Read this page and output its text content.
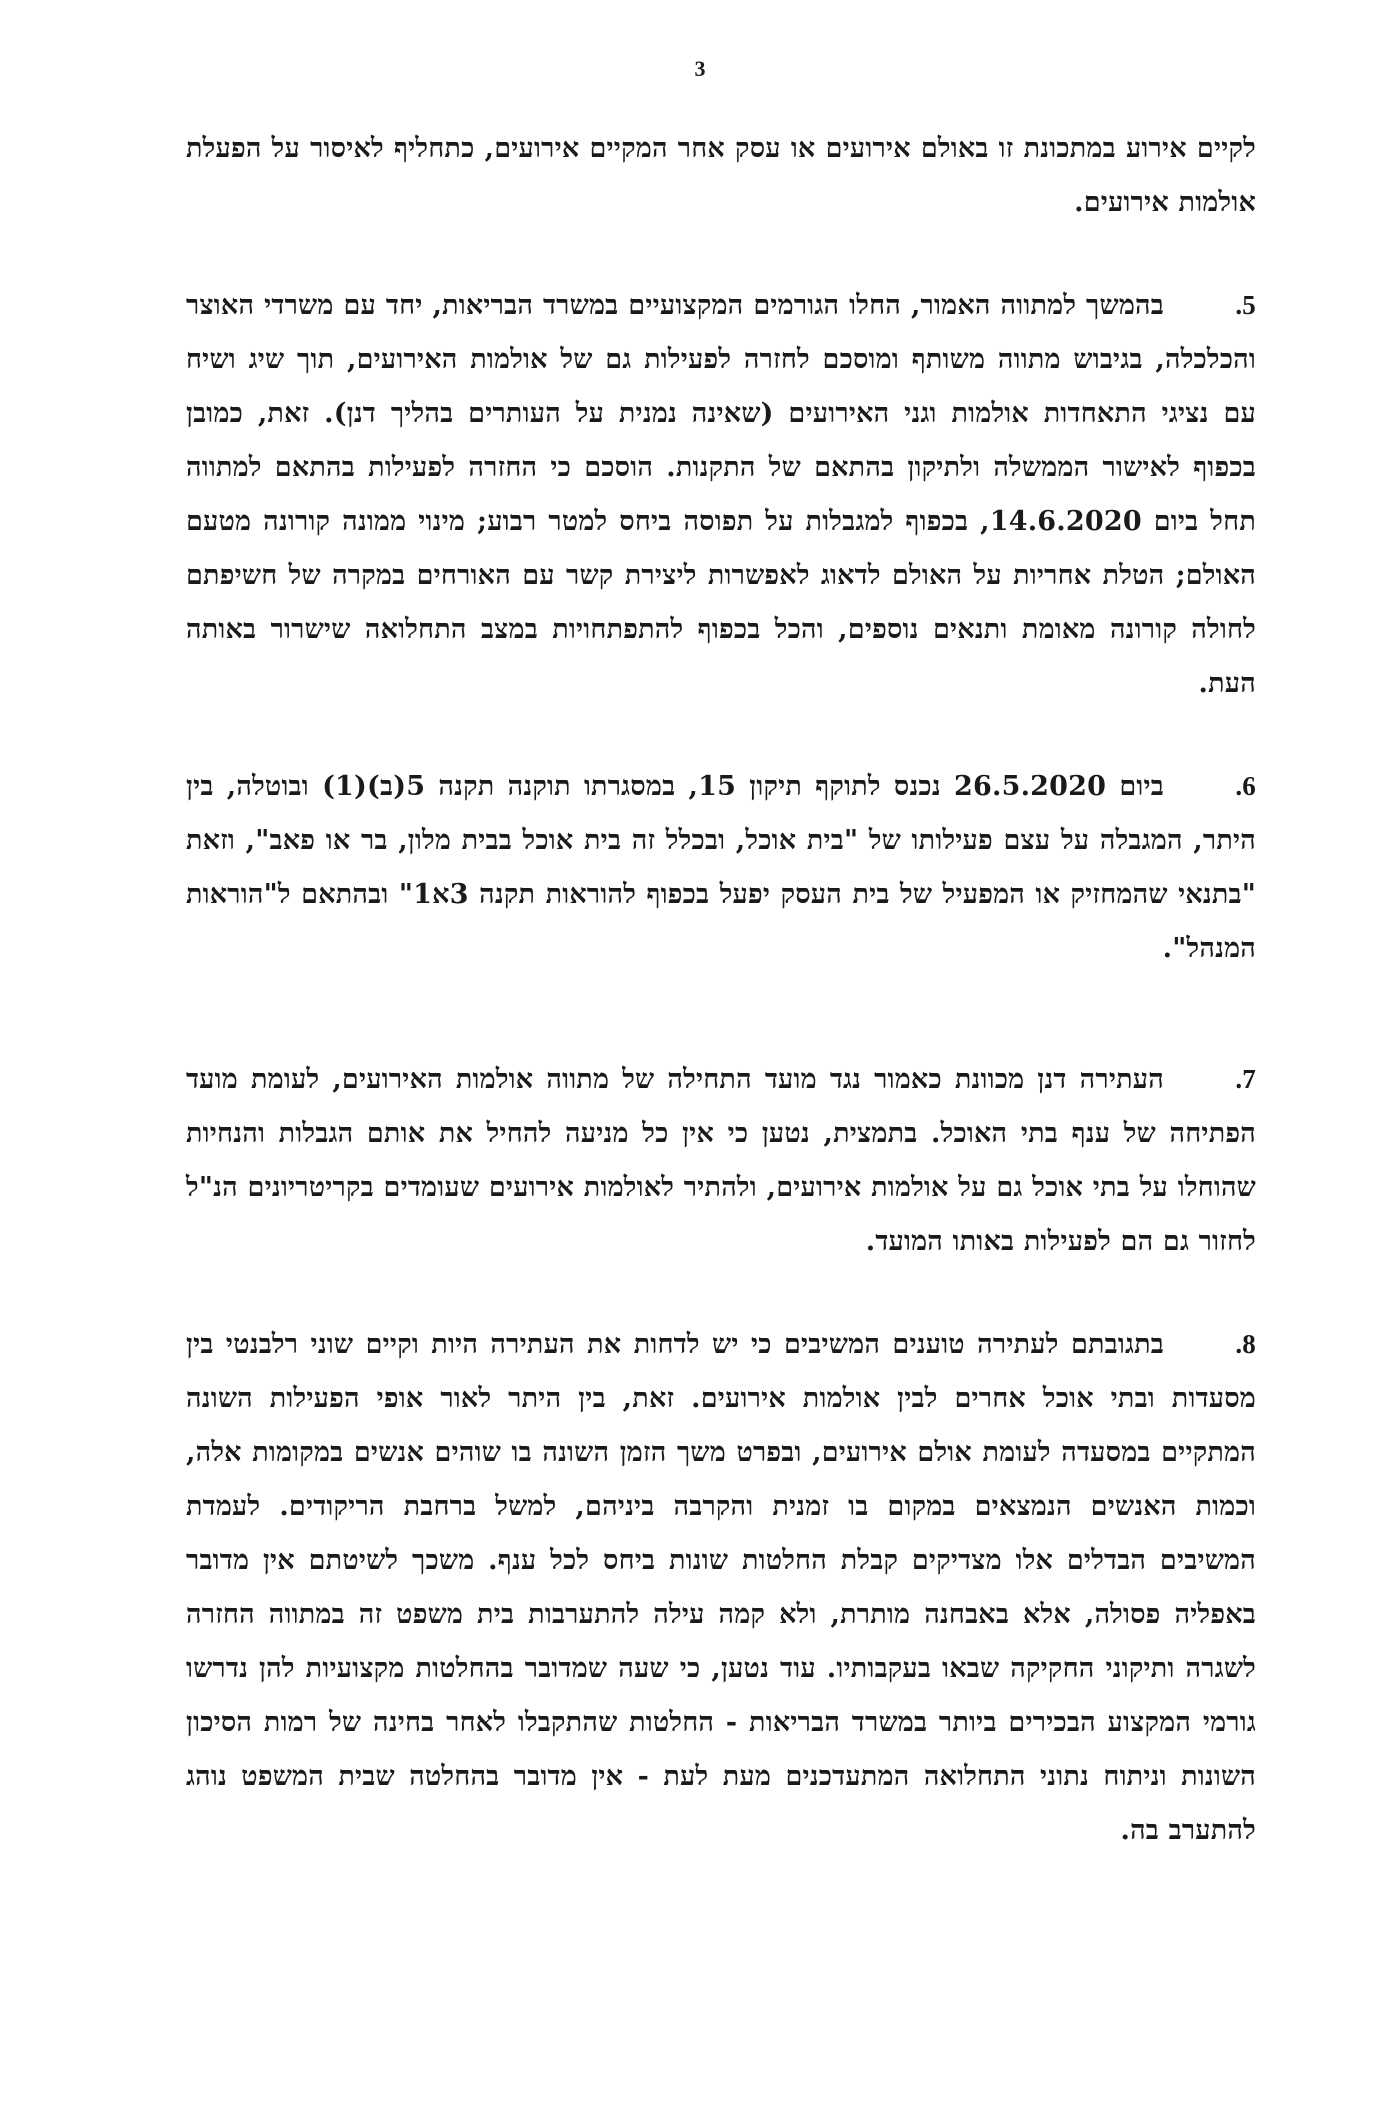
3

לקיים אירוע במתכונת זו באולם אירועים או עסק אחר המקיים אירועים, כתחליף לאיסור על הפעלת אולמות אירועים.

5.בהמשך למתווה האמור, החלו הגורמים המקצועיים במשרד הבריאות, יחד עם משרדי האוצר והכלכלה, בגיבוש מתווה משותף ומוסכם לחזרה לפעילות גם של אולמות האירועים, תוך שיג ושיח עם נציגי התאחדות אולמות וגני האירועים (שאינה נמנית על העותרים בהליך דנן). זאת, כמובן בכפוף לאישור הממשלה ולתיקון בהתאם של התקנות. הוסכם כי החזרה לפעילות בהתאם למתווה תחל ביום 14.6.2020, בכפוף למגבלות על תפוסה ביחס למטר רבוע; מינוי ממונה קורונה מטעם האולם; הטלת אחריות על האולם לדאוג לאפשרות ליצירת קשר עם האורחים במקרה של חשיפתם לחולה קורונה מאומת ותנאים נוספים, והכל בכפוף להתפתחויות במצב התחלואה שישרור באותה העת.

6.ביום 26.5.2020 נכנס לתוקף תיקון 15, במסגרתו תוקנה תקנה 5(ב)(1) ובוטלה, בין היתר, המגבלה על עצם פעילותו של "בית אוכל, ובכלל זה בית אוכל בבית מלון, בר או פאב", וזאת "בתנאי שהמחזיק או המפעיל של בית העסק יפעל בכפוף להוראות תקנה 3א1" ובהתאם ל"הוראות המנהל".

7.העתירה דנן מכוונת כאמור נגד מועד התחילה של מתווה אולמות האירועים, לעומת מועד הפתיחה של ענף בתי האוכל. בתמצית, נטען כי אין כל מניעה להחיל את אותם הגבלות והנחיות שהוחלו על בתי אוכל גם על אולמות אירועים, ולהתיר לאולמות אירועים שעומדים בקריטריונים הנ"ל לחזור גם הם לפעילות באותו המועד.

8.בתגובתם לעתירה טוענים המשיבים כי יש לדחות את העתירה היות וקיים שוני רלבנטי בין מסעדות ובתי אוכל אחרים לבין אולמות אירועים. זאת, בין היתר לאור אופי הפעילות השונה המתקיים במסעדה לעומת אולם אירועים, ובפרט משך הזמן השונה בו שוהים אנשים במקומות אלה, וכמות האנשים הנמצאים במקום בו זמנית והקרבה ביניהם, למשל ברחבת הריקודים. לעמדת המשיבים הבדלים אלו מצדיקים קבלת החלטות שונות ביחס לכל ענף. משכך לשיטתם אין מדובר באפליה פסולה, אלא באבחנה מותרת, ולא קמה עילה להתערבות בית משפט זה במתווה החזרה לשגרה ותיקוני החקיקה שבאו בעקבותיו. עוד נטען, כי שעה שמדובר בהחלטות מקצועיות להן נדרשו גורמי המקצוע הבכירים ביותר במשרד הבריאות - החלטות שהתקבלו לאחר בחינה של רמות הסיכון השונות וניתוח נתוני התחלואה המתעדכנים מעת לעת - אין מדובר בהחלטה שבית המשפט נוהג להתערב בה.
